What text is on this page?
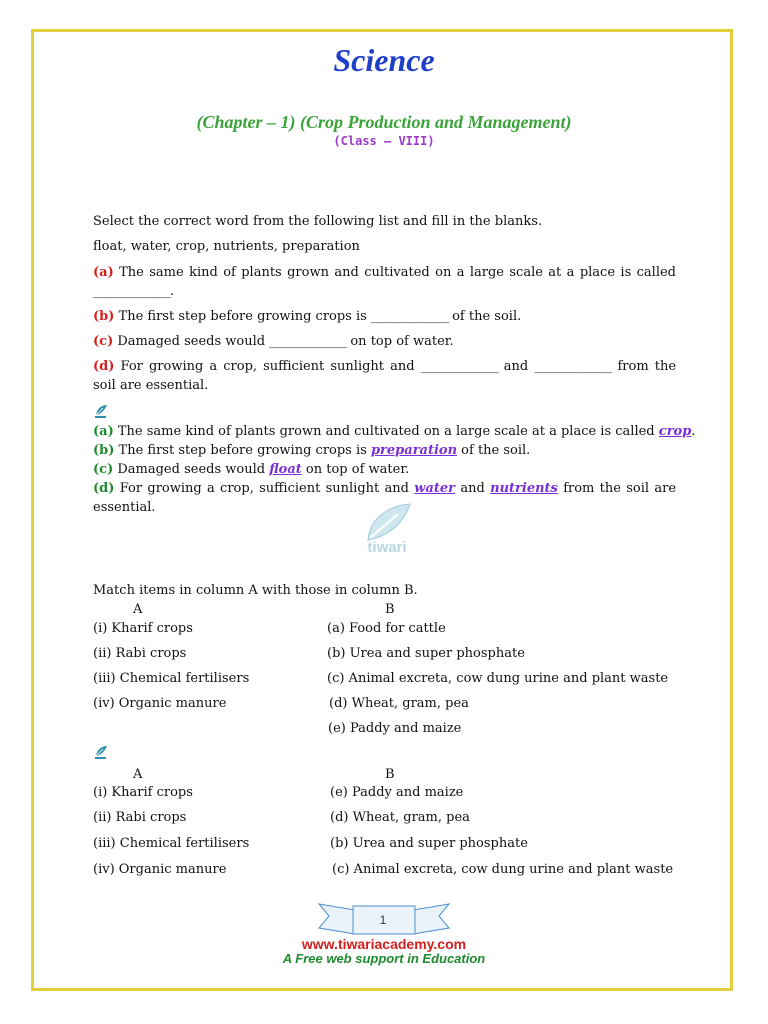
Science
(Chapter – 1) (Crop Production and Management)
(Class – VIII)
Select the correct word from the following list and fill in the blanks.
float, water, crop, nutrients, preparation
(a) The same kind of plants grown and cultivated on a large scale at a place is called ______________.
(b) The first step before growing crops is ______________ of the soil.
(c) Damaged seeds would ______________ on top of water.
(d) For growing a crop, sufficient sunlight and ______________ and ______________ from the soil are essential.
(a) The same kind of plants grown and cultivated on a large scale at a place is called crop.
(b) The first step before growing crops is preparation of the soil.
(c) Damaged seeds would float on top of water.
(d) For growing a crop, sufficient sunlight and water and nutrients from the soil are essential.
tiwari
Match items in column A with those in column B.
A	B
(i) Kharif crops
(ii) Rabi crops
(iii) Chemical fertilisers
(iv) Organic manure
(a) Food for cattle
(b) Urea and super phosphate
(c) Animal excreta, cow dung urine and plant waste
(d) Wheat, gram, pea
(e) Paddy and maize
A	B
(i) Kharif crops
(ii) Rabi crops
(iii) Chemical fertilisers
(iv) Organic manure
(e) Paddy and maize
(d) Wheat, gram, pea
(b) Urea and super phosphate
(c) Animal excreta, cow dung urine and plant waste
1
www.tiwariacademy.com
A Free web support in Education
